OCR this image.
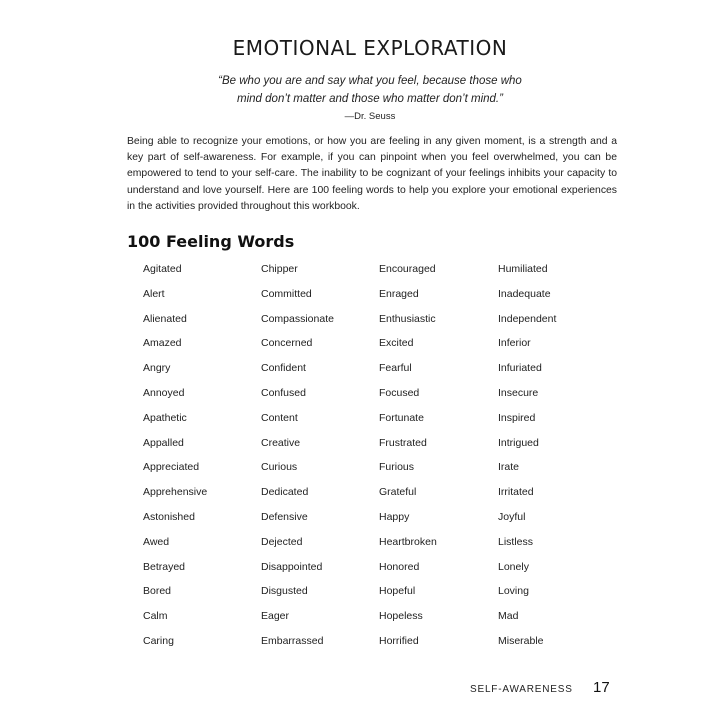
EMOTIONAL EXPLORATION
“Be who you are and say what you feel, because those who
mind don’t matter and those who matter don’t mind.”
—Dr. Seuss

Being able to recognize your emotions, or how you are feeling in any given moment, is a strength and a key part of self-awareness. For example, if you can pinpoint when you feel overwhelmed, you can be empowered to tend to your self-care. The inability to be cognizant of your feelings inhibits your capacity to understand and love yourself. Here are 100 feeling words to help you explore your emotional experiences in the activities provided throughout this workbook.

100 Feeling Words
Agitated
Alert
Alienated
Amazed
Angry
Annoyed
Apathetic
Appalled
Appreciated
Apprehensive
Astonished
Awed
Betrayed
Bored
Calm
Caring
Chipper
Committed
Compassionate
Concerned
Confident
Confused
Content
Creative
Curious
Dedicated
Defensive
Dejected
Disappointed
Disgusted
Eager
Embarrassed
Encouraged
Enraged
Enthusiastic
Excited
Fearful
Focused
Fortunate
Frustrated
Furious
Grateful
Happy
Heartbroken
Honored
Hopeful
Hopeless
Horrified
Humiliated
Inadequate
Independent
Inferior
Infuriated
Insecure
Inspired
Intrigued
Irate
Irritated
Joyful
Listless
Lonely
Loving
Mad
Miserable
SELF-AWARENESS 17
